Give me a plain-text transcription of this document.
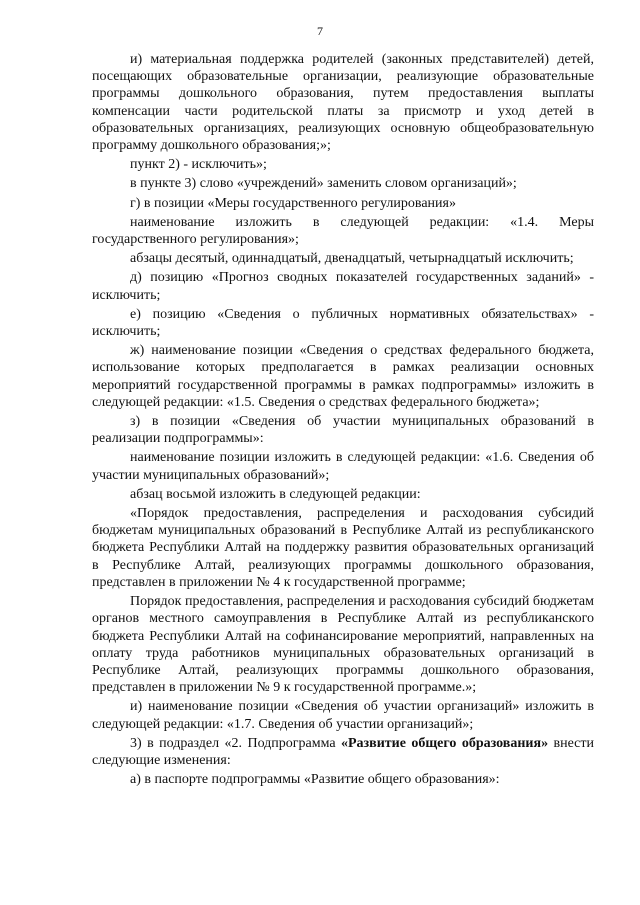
7

и) материальная поддержка родителей (законных представителей) детей, посещающих образовательные организации, реализующие образовательные программы дошкольного образования, путем предоставления выплаты компенсации части родительской платы за присмотр и уход детей в образовательных организациях, реализующих основную общеобразовательную программу дошкольного образования;»;

пункт 2) - исключить»;

в пункте 3) слово «учреждений» заменить словом организаций»;

г) в позиции «Меры государственного регулирования»

наименование изложить в следующей редакции: «1.4. Меры государственного регулирования»;

абзацы десятый, одиннадцатый, двенадцатый, четырнадцатый исключить;

д) позицию «Прогноз сводных показателей государственных заданий» - исключить;

е) позицию «Сведения о публичных нормативных обязательствах» - исключить;

ж) наименование позиции «Сведения о средствах федерального бюджета, использование которых предполагается в рамках реализации основных мероприятий государственной программы в рамках подпрограммы» изложить в следующей редакции: «1.5. Сведения о средствах федерального бюджета»;

з) в позиции «Сведения об участии муниципальных образований в реализации подпрограммы»:

наименование позиции изложить в следующей редакции: «1.6. Сведения об участии муниципальных образований»;

абзац восьмой изложить в следующей редакции:

«Порядок предоставления, распределения и расходования субсидий бюджетам муниципальных образований в Республике Алтай из республиканского бюджета Республики Алтай на поддержку развития образовательных организаций в Республике Алтай, реализующих программы дошкольного образования, представлен в приложении № 4 к государственной программе;

Порядок предоставления, распределения и расходования субсидий бюджетам органов местного самоуправления в Республике Алтай из республиканского бюджета Республики Алтай на софинансирование мероприятий, направленных на оплату труда работников муниципальных образовательных организаций в Республике Алтай, реализующих программы дошкольного образования, представлен в приложении № 9 к государственной программе.»;

и) наименование позиции «Сведения об участии организаций» изложить в следующей редакции: «1.7. Сведения об участии организаций»;

3) в подраздел «2. Подпрограмма «Развитие общего образования» внести следующие изменения:

а) в паспорте подпрограммы «Развитие общего образования»:
